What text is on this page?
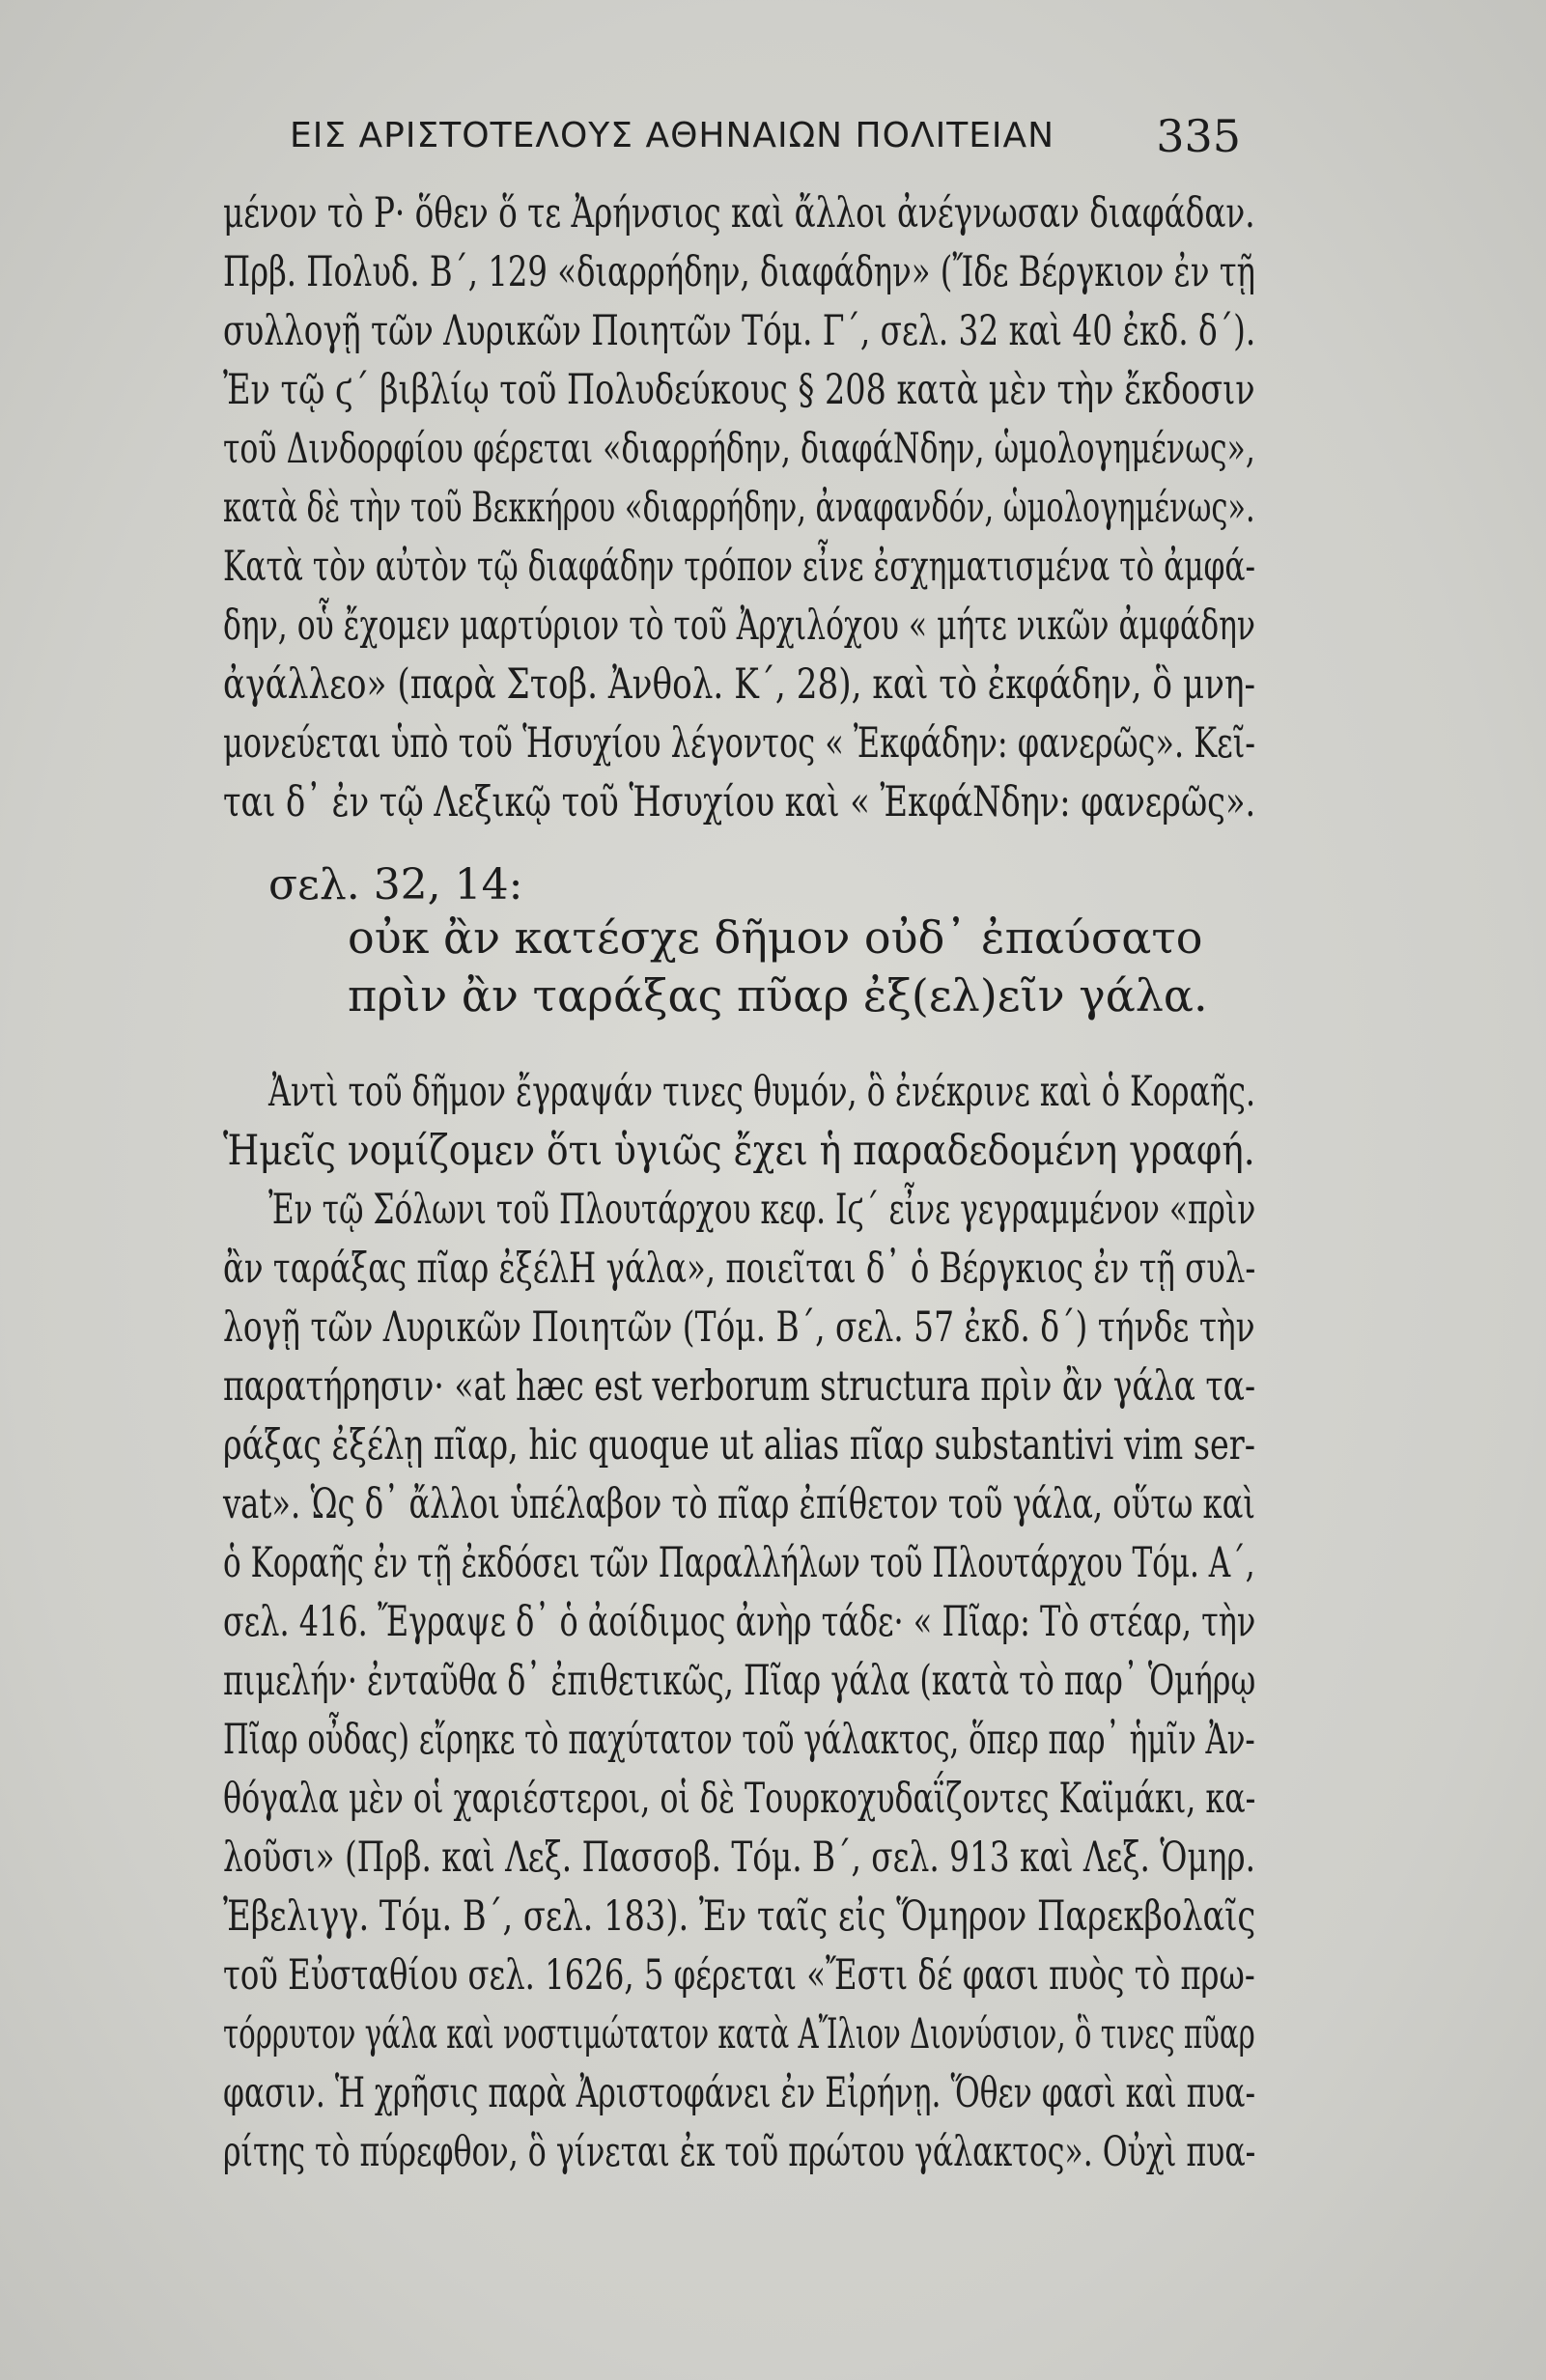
ΕΙΣ ΑΡΙΣΤΟΤΕΛΟΥΣ ΑΘΗΝΑΙΩΝ ΠΟΛΙΤΕΙΑΝ 335
μένον τὸ Ρ· ὅθεν ὅ τε Ἀρήνσιος καὶ ἄλλοι ἀνέγνωσαν διαφάδαν.
Πρβ. Πολυδ. Β΄, 129 «διαρρήδην, διαφάδην» (Ἴδε Βέργκιον ἐν τῇ
συλλογῇ τῶν Λυρικῶν Ποιητῶν Τόμ. Γ΄, σελ. 32 καὶ 40 ἐκδ. δ΄).
Ἐν τῷ ϛ΄ βιβλίῳ τοῦ Πολυδεύκους § 208 κατὰ μὲν τὴν ἔκδοσιν
τοῦ Δινδορφίου φέρεται «διαρρήδην, διαφάΝδην, ὡμολογημένως»,
κατὰ δὲ τὴν τοῦ Βεκκήρου «διαρρήδην, ἀναφανδόν, ὡμολογημένως».
Κατὰ τὸν αὐτὸν τῷ διαφάδην τρόπον εἶνε ἐσχηματισμένα τὸ ἀμφά-
δην, οὗ ἔχομεν μαρτύριον τὸ τοῦ Ἀρχιλόχου « μήτε νικῶν ἀμφάδην
ἀγάλλεο» (παρὰ Στοβ. Ἀνθολ. Κ΄, 28), καὶ τὸ ἐκφάδην, ὃ μνη-
μονεύεται ὑπὸ τοῦ Ἡσυχίου λέγοντος « Ἐκφάδην: φανερῶς». Κεῖ-
ται δ᾿ ἐν τῷ Λεξικῷ τοῦ Ἡσυχίου καὶ « ἘκφάΝδην: φανερῶς».
σελ. 32, 14:
οὐκ ἂν κατέσχε δῆμον οὐδ᾿ ἐπαύσατο
πρὶν ἂν ταράξας πῦαρ ἐξ(ελ)εῖν γάλα.
Ἀντὶ τοῦ δῆμον ἔγραψάν τινες θυμόν, ὃ ἐνέκρινε καὶ ὁ Κοραῆς.
Ἡμεῖς νομίζομεν ὅτι ὑγιῶς ἔχει ἡ παραδεδομένη γραφή.
Ἐν τῷ Σόλωνι τοῦ Πλουτάρχου κεφ. Ιϛ΄ εἶνε γεγραμμένον «πρὶν
ἂν ταράξας πῖαρ ἐξέλΗ γάλα», ποιεῖται δ᾿ ὁ Βέργκιος ἐν τῇ συλ-
λογῇ τῶν Λυρικῶν Ποιητῶν (Τόμ. Β΄, σελ. 57 ἐκδ. δ΄) τήνδε τὴν
παρατήρησιν· «at hæc est verborum structura πρὶν ἂν γάλα τα-
ράξας ἐξέλῃ πῖαρ, hic quoque ut alias πῖαρ substantivi vim ser-
vat». Ὡς δ᾿ ἄλλοι ὑπέλαβον τὸ πῖαρ ἐπίθετον τοῦ γάλα, οὕτω καὶ
ὁ Κοραῆς ἐν τῇ ἐκδόσει τῶν Παραλλήλων τοῦ Πλουτάρχου Τόμ. Α΄,
σελ. 416. Ἔγραψε δ᾿ ὁ ἀοίδιμος ἀνὴρ τάδε· « Πῖαρ: Τὸ στέαρ, τὴν
πιμελήν· ἐνταῦθα δ᾿ ἐπιθετικῶς, Πῖαρ γάλα (κατὰ τὸ παρ᾿ Ὁμήρῳ
Πῖαρ οὖδας) εἴρηκε τὸ παχύτατον τοῦ γάλακτος, ὅπερ παρ᾿ ἡμῖν Ἀν-
θόγαλα μὲν οἱ χαριέστεροι, οἱ δὲ Τουρκοχυδαΐζοντες Καϊμάκι, κα-
λοῦσι» (Πρβ. καὶ Λεξ. Πασσοβ. Τόμ. Β΄, σελ. 913 καὶ Λεξ. Ὁμηρ.
Ἐβελιγγ. Τόμ. Β΄, σελ. 183). Ἐν ταῖς εἰς Ὅμηρον Παρεκβολαῖς
τοῦ Εὐσταθίου σελ. 1626, 5 φέρεται «Ἔστι δέ φασι πυὸς τὸ πρω-
τόρρυτον γάλα καὶ νοστιμώτατον κατὰ ΑἼλιον Διονύσιον, ὃ τινες πῦαρ
φασιν. Ἡ χρῆσις παρὰ Ἀριστοφάνει ἐν Εἰρήνῃ. Ὅθεν φασὶ καὶ πυα-
ρίτης τὸ πύρεφθον, ὃ γίνεται ἐκ τοῦ πρώτου γάλακτος». Οὐχὶ πυα-
